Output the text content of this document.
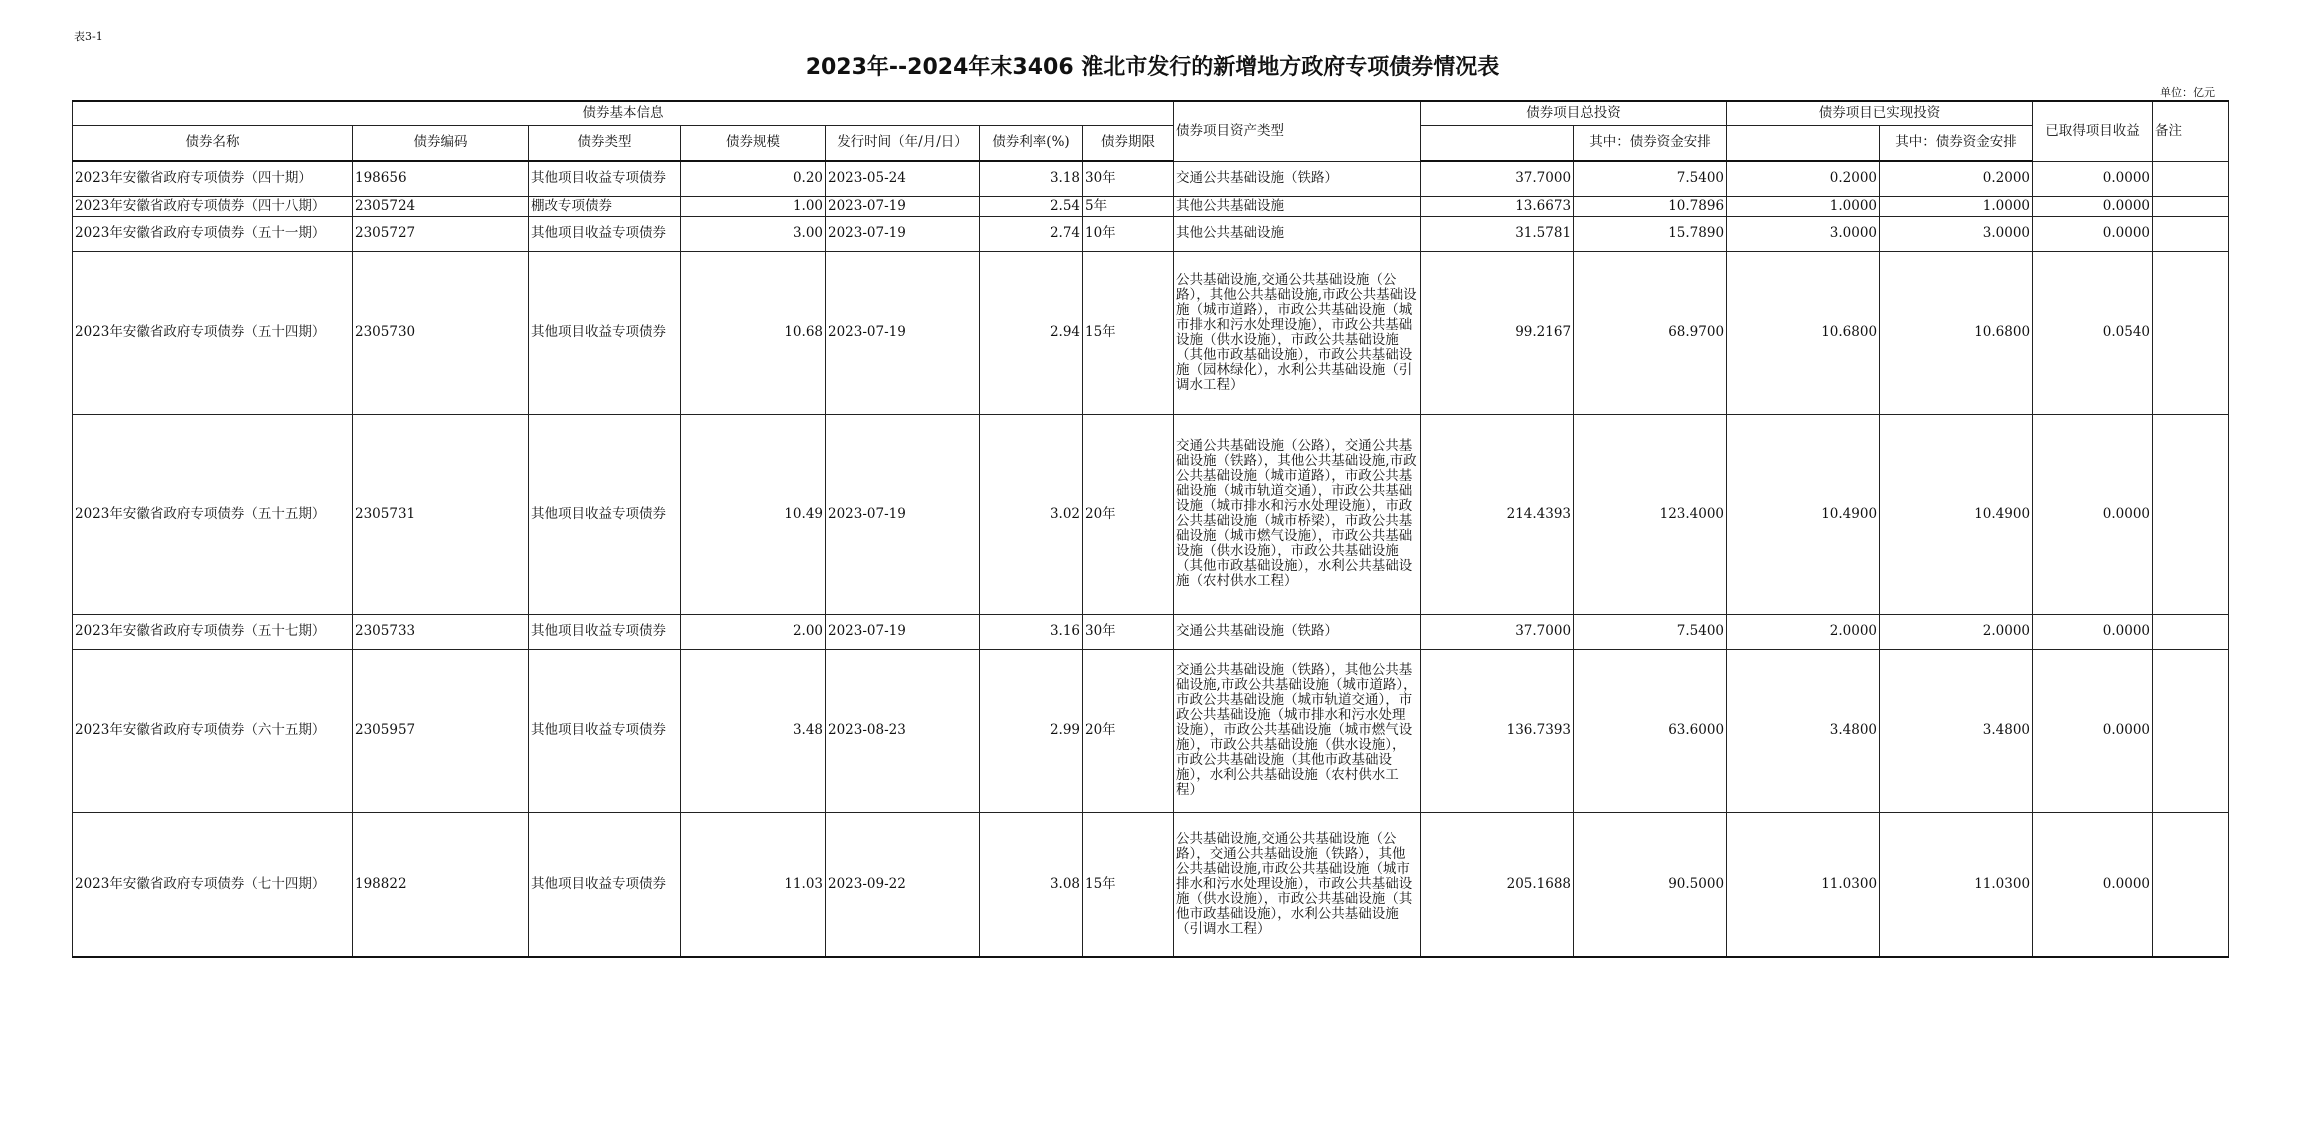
表3-1
2023年--2024年末3406 淮北市发行的新增地方政府专项债券情况表
单位：亿元
债券基本信息							债券项目资产类型	债券项目总投资		债券项目已实现投资		已取得项目收益	备注
债券名称	债券编码	债券类型	债券规模	发行时间（年/月/日）	债券利率(%)	债券期限			其中：债券资金安排		其中：债券资金安排		
2023年安徽省政府专项债券（四十期）	198656	其他项目收益专项债券	0.20	2023-05-24	3.18	30年	交通公共基础设施（铁路）	37.7000	7.5400	0.2000	0.2000	0.0000	
2023年安徽省政府专项债券（四十八期）	2305724	棚改专项债券	1.00	2023-07-19	2.54	5年	其他公共基础设施	13.6673	10.7896	1.0000	1.0000	0.0000	
2023年安徽省政府专项债券（五十一期）	2305727	其他项目收益专项债券	3.00	2023-07-19	2.74	10年	其他公共基础设施	31.5781	15.7890	3.0000	3.0000	0.0000	
2023年安徽省政府专项债券（五十四期）	2305730	其他项目收益专项债券	10.68	2023-07-19	2.94	15年	公共基础设施,交通公共基础设施（公路），其他公共基础设施,市政公共基础设施（城市道路），市政公共基础设施（城市排水和污水处理设施），市政公共基础设施（供水设施），市政公共基础设施（其他市政基础设施），市政公共基础设施（园林绿化），水利公共基础设施（引调水工程）	99.2167	68.9700	10.6800	10.6800	0.0540	
2023年安徽省政府专项债券（五十五期）	2305731	其他项目收益专项债券	10.49	2023-07-19	3.02	20年	交通公共基础设施（公路），交通公共基础设施（铁路），其他公共基础设施,市政公共基础设施（城市道路），市政公共基础设施（城市轨道交通），市政公共基础设施（城市排水和污水处理设施），市政公共基础设施（城市桥梁），市政公共基础设施（城市燃气设施），市政公共基础设施（供水设施），市政公共基础设施（其他市政基础设施），水利公共基础设施（农村供水工程）	214.4393	123.4000	10.4900	10.4900	0.0000	
2023年安徽省政府专项债券（五十七期）	2305733	其他项目收益专项债券	2.00	2023-07-19	3.16	30年	交通公共基础设施（铁路）	37.7000	7.5400	2.0000	2.0000	0.0000	
2023年安徽省政府专项债券（六十五期）	2305957	其他项目收益专项债券	3.48	2023-08-23	2.99	20年	交通公共基础设施（铁路），其他公共基础设施,市政公共基础设施（城市道路），市政公共基础设施（城市轨道交通），市政公共基础设施（城市排水和污水处理设施），市政公共基础设施（城市燃气设施），市政公共基础设施（供水设施），市政公共基础设施（其他市政基础设施），水利公共基础设施（农村供水工程）	136.7393	63.6000	3.4800	3.4800	0.0000	
2023年安徽省政府专项债券（七十四期）	198822	其他项目收益专项债券	11.03	2023-09-22	3.08	15年	公共基础设施,交通公共基础设施（公路），交通公共基础设施（铁路），其他公共基础设施,市政公共基础设施（城市排水和污水处理设施），市政公共基础设施（供水设施），市政公共基础设施（其他市政基础设施），水利公共基础设施（引调水工程）	205.1688	90.5000	11.0300	11.0300	0.0000	
